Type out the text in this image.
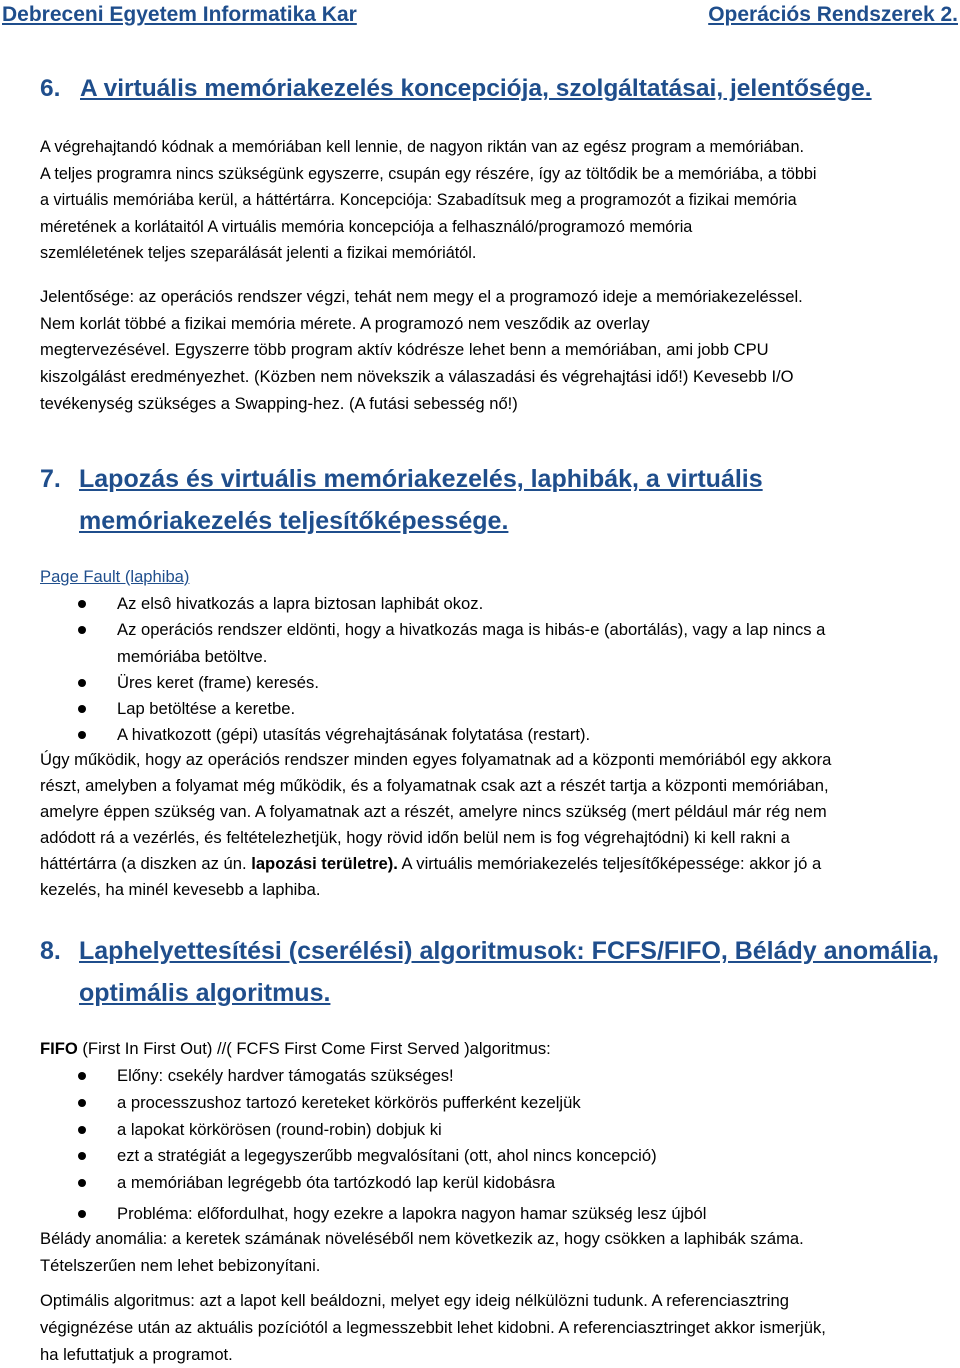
Debreceni Egyetem Informatika Kar	Operációs Rendszerek 2.
6. A virtuális memóriakezelés koncepciója, szolgáltatásai, jelentősége.
A végrehajtandó kódnak a memóriában kell lennie, de nagyon riktán van az egész program a memóriában.
A teljes programra nincs szükségünk egyszerre, csupán egy részére, így az töltődik be a memóriába, a többi
a virtuális memóriába kerül, a háttértárra. Koncepciója: Szabadítsuk meg a programozót a fizikai memória
méretének a korlátaitól A virtuális memória koncepciója a felhasználó/programozó memória
szemléletének teljes szeparálását jelenti a fizikai memóriától.
Jelentősége: az operációs rendszer végzi, tehát nem megy el a programozó ideje a memóriakezeléssel.
Nem korlát többé a fizikai memória mérete. A programozó nem vesződik az overlay
megtervezésével. Egyszerre több program aktív kódrésze lehet benn a memóriában, ami jobb CPU
kiszolgálást eredményezhet. (Közben nem növekszik a válaszadási és végrehajtási idő!) Kevesebb I/O
tevékenység szükséges a Swapping-hez. (A futási sebesség nő!)
7. Lapozás és virtuális memóriakezelés, laphibák, a virtuális
memóriakezelés teljesítőképessége.
Page Fault (laphiba)
Az elsô hivatkozás a lapra biztosan laphibát okoz.
Az operációs rendszer eldönti, hogy a hivatkozás maga is hibás-e (abortálás), vagy a lap nincs a
memóriába betöltve.
Üres keret (frame) keresés.
Lap betöltése a keretbe.
A hivatkozott (gépi) utasítás végrehajtásának folytatása (restart).
Úgy működik, hogy az operációs rendszer minden egyes folyamatnak ad a központi memóriából egy akkora
részt, amelyben a folyamat még működik, és a folyamatnak csak azt a részét tartja a központi memóriában,
amelyre éppen szükség van. A folyamatnak azt a részét, amelyre nincs szükség (mert például már rég nem
adódott rá a vezérlés, és feltételezhetjük, hogy rövid időn belül nem is fog végrehajtódni) ki kell rakni a
háttértárra (a diszken az ún. lapozási területre). A virtuális memóriakezelés teljesítőképessége: akkor jó a
kezelés, ha minél kevesebb a laphiba.
8. Laphelyettesítési (cserélési) algoritmusok: FCFS/FIFO, Bélády anomália,
optimális algoritmus.
FIFO (First In First Out) //( FCFS First Come First Served )algoritmus:
Előny: csekély hardver támogatás szükséges!
a processzushoz tartozó kereteket körkörös pufferként kezeljük
a lapokat körkörösen (round-robin) dobjuk ki
ezt a stratégiát a legegyszerűbb megvalósítani (ott, ahol nincs koncepció)
a memóriában legrégebb óta tartózkodó lap kerül kidobásra
Probléma: előfordulhat, hogy ezekre a lapokra nagyon hamar szükség lesz újból
Bélády anomália: a keretek számának növeléséből nem következik az, hogy csökken a laphibák száma.
Tételszerűen nem lehet bebizonyítani.
Optimális algoritmus: azt a lapot kell beáldozni, melyet egy ideig nélkülözni tudunk. A referenciasztring
végignézése után az aktuális pozíciótól a legmesszebbit lehet kidobni. A referenciasztringet akkor ismerjük,
ha lefuttatjuk a programot.
